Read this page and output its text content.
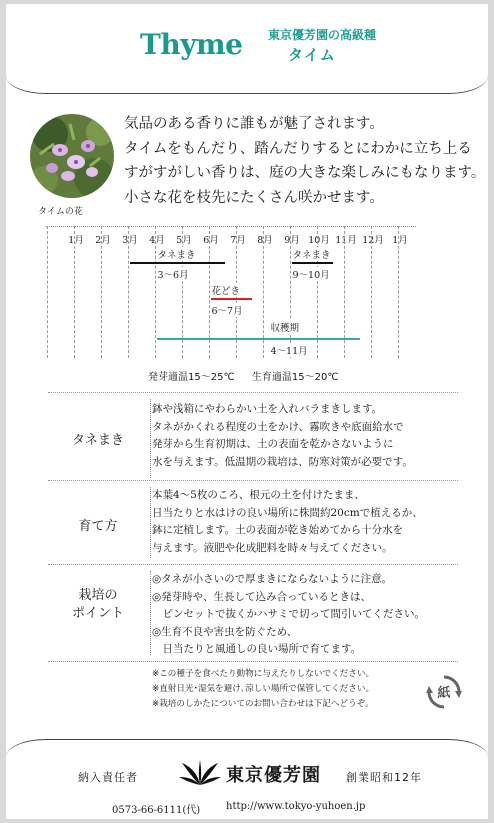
Thyme 東京優芳園の高級種
タイム
タイムの花
気品のある香りに誰もが魅了されます。
タイムをもんだり、踏んだりするとにわかに立ち上る
すがすがしい香りは、庭の大きな楽しみにもなります。
小さな花を枝先にたくさん咲かせます。
1月 2月 3月 4月 5月 6月 7月 8月 9月 10月 11月 12月 1月
タネまき
3～6月
タネまき
9～10月
花どき
6～7月
収穫期
4～11月
発芽適温15～25℃ 生育適温15～20℃
タネまき
鉢や浅箱にやわらかい土を入れバラまきします。
タネがかくれる程度の土をかけ、霧吹きや底面給水で
発芽から生育初期は、土の表面を乾かさないように
水を与えます。低温期の栽培は、防寒対策が必要です。
育て方
本葉4～5枚のころ、根元の土を付けたまま、
日当たりと水はけの良い場所に株間約20cmで植えるか、
鉢に定植します。土の表面が乾き始めてから十分水を
与えます。液肥や化成肥料を時々与えてください。
栽培の
ポイント
◎タネが小さいので厚まきにならないように注意。
◎発芽時や、生長して込み合っているときは、
　ピンセットで抜くかハサミで切って間引いてください。
◎生育不良や害虫を防ぐため、
　日当たりと風通しの良い場所で育てます。
※この種子を食べたり動物に与えたりしないでください。
※直射日光･湿気を避け､涼しい場所で保管してください。
※栽培のしかたについてのお問い合わせは下記へどうぞ。
紙
納入責任者	東京優芳園 創業昭和12年
0573-66-6111(代)	http://www.tokyo-yuhoen.jp
